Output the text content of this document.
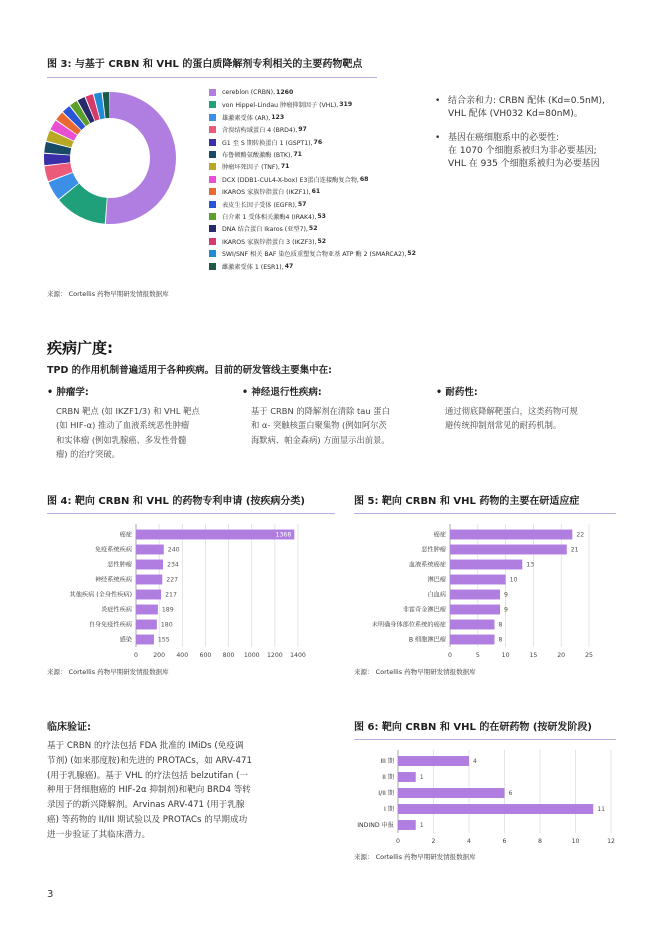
图 3: 与基于 CRBN 和 VHL 的蛋白质降解剂专利相关的主要药物靶点
cereblon (CRBN), 1260
von Hippel-Lindau 肿瘤抑制因子 (VHL), 319
雄激素受体 (AR), 123
含溴结构域蛋白 4 (BRD4), 97
G1 至 S 期转换蛋白 1 (GSPT1), 76
布鲁顿酪氨酸激酶 (BTK), 71
肿瘤坏死因子 (TNF), 71
DCX (DDB1-CUL4-X-box) E3蛋白连接酶复合物, 68
IKAROS 家族锌指蛋白 (IKZF1), 61
表皮生长因子受体 (EGFR), 57
白介素 1 受体相关激酶4 (IRAK4), 53
DNA 结合蛋白 Ikaros (亚型7), 52
IKAROS 家族锌指蛋白 3 (IKZF3), 52
SWI/SNF 相关 BAF 染色质重塑复合物亚基 ATP 酶 2 (SMARCA2), 52
雌激素受体 1 (ESR1), 47
来源： Cortellis 药物早期研发情报数据库
• 结合亲和力: CRBN 配体 (Kd=0.5nM),
VHL 配体 (VH032 Kd=80nM)。
• 基因在癌细胞系中的必要性:
在 1070 个细胞系被归为非必要基因;
VHL 在 935 个细胞系被归为必要基因
疾病广度:
TPD 的作用机制普遍适用于各种疾病。目前的研发管线主要集中在:
• 肿瘤学:
CRBN 靶点 (如 IKZF1/3) 和 VHL 靶点
(如 HIF-α) 推动了血液系统恶性肿瘤
和实体瘤 (例如乳腺癌、多发性骨髓
瘤) 的治疗突破。
• 神经退行性疾病:
基于 CRBN 的降解剂在清除 tau 蛋白
和 α- 突触核蛋白聚集物 (例如阿尔茨
海默病、帕金森病) 方面显示出前景。
• 耐药性:
通过彻底降解靶蛋白，这类药物可规
避传统抑制剂常见的耐药机制。
图 4: 靶向 CRBN 和 VHL 的药物专利申请 (按疾病分类)
0 200 400 600 800 1000 1200 1400
癌症	1368
免疫系统疾病	240
恶性肿瘤	234
神经系统疾病	227
其他疾病 (全身性疾病)	217
炎症性疾病	189
自身免疫性疾病	180
感染	155
来源： Cortellis 药物早期研发情报数据库
图 5: 靶向 CRBN 和 VHL 药物的主要在研适应症
0	5	10	15	20	25
癌症	22
恶性肿瘤	21
血液系统癌症	13
淋巴瘤	10
白血病	9
非霍奇金淋巴瘤	9
未明确身体部位系统的癌症	8
B 细胞淋巴瘤	8
来源： Cortellis 药物早期研发情报数据库
临床验证:
基于 CRBN 的疗法包括 FDA 批准的 IMiDs (免疫调
节剂) (如来那度胺)和先进的 PROTACs，如 ARV-471
(用于乳腺癌)。基于 VHL 的疗法包括 belzutifan (一
种用于肾细胞癌的 HIF-2α 抑制剂)和靶向 BRD4 等转
录因子的新兴降解剂。Arvinas ARV-471 (用于乳腺
癌) 等药物的 II/III 期试验以及 PROTACs 的早期成功
进一步验证了其临床潜力。
图 6: 靶向 CRBN 和 VHL 的在研药物 (按研发阶段)
0	2	4	6	8	10	12
III 期	4
II 期	1
I/II 期	6
I 期	11
INDIND 申报	1
来源： Cortellis 药物早期研发情报数据库
3
